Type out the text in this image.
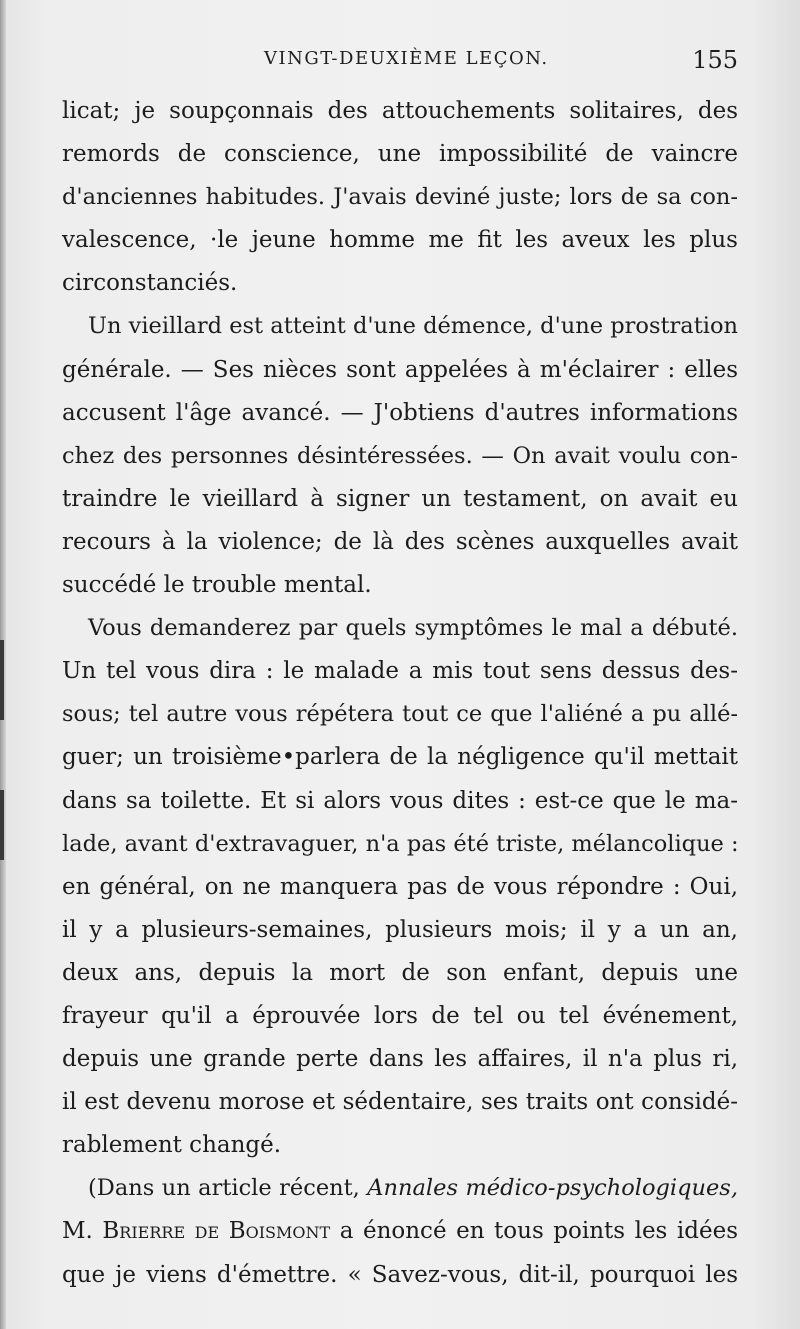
VINGT-DEUXIÈME LEÇON.	155
licat; je soupçonnais des attouchements solitaires, des
remords de conscience, une impossibilité de vaincre
d'anciennes habitudes. J'avais deviné juste; lors de sa con-
valescence, ·le jeune homme me fit les aveux les plus
circonstanciés.
Un vieillard est atteint d'une démence, d'une prostration
générale. — Ses nièces sont appelées à m'éclairer : elles
accusent l'âge avancé. — J'obtiens d'autres informations
chez des personnes désintéressées. — On avait voulu con-
traindre le vieillard à signer un testament, on avait eu
recours à la violence; de là des scènes auxquelles avait
succédé le trouble mental.
Vous demanderez par quels symptômes le mal a débuté.
Un tel vous dira : le malade a mis tout sens dessus des-
sous; tel autre vous répétera tout ce que l'aliéné a pu allé-
guer; un troisième•parlera de la négligence qu'il mettait
dans sa toilette. Et si alors vous dites : est-ce que le ma-
lade, avant d'extravaguer, n'a pas été triste, mélancolique :
en général, on ne manquera pas de vous répondre : Oui,
il y a plusieurs-semaines, plusieurs mois; il y a un an,
deux ans, depuis la mort de son enfant, depuis une
frayeur qu'il a éprouvée lors de tel ou tel événement,
depuis une grande perte dans les affaires, il n'a plus ri,
il est devenu morose et sédentaire, ses traits ont considé-
rablement changé.
(Dans un article récent, Annales médico-psychologiques,
M. Brierre de Boismont a énoncé en tous points les idées
que je viens d'émettre. « Savez-vous, dit-il, pourquoi les
